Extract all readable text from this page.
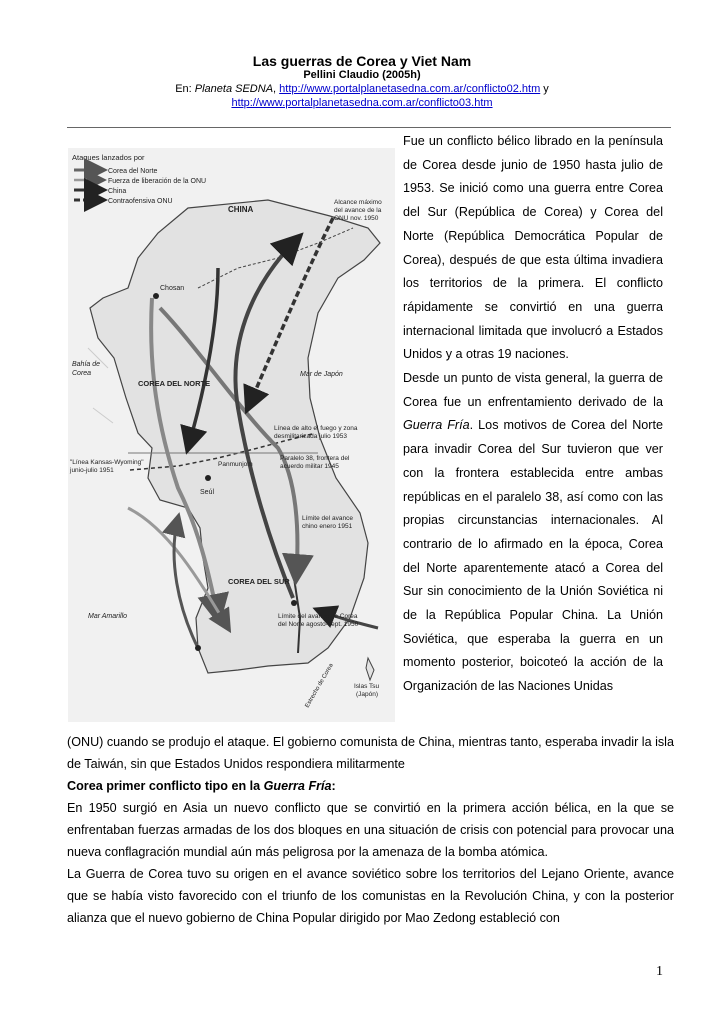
Las guerras de Corea y Viet Nam
Pellini Claudio (2005h)
En: Planeta SEDNA, http://www.portalplanetasedna.com.ar/conflicto02.htm y
http://www.portalplanetasedna.com.ar/conflicto03.htm
Ataques lanzados por
Corea del Norte
Fuerza de liberación de la ONU
China
Contraofensiva ONU
CHINA
Alcance máximo
del avance de la
ONU nov. 1950
Chosan
Mar de Japón
Bahía de
Corea
COREA DEL NORTE
Línea de alto el fuego y zona
desmilitarizada julio 1953
Paralelo 38, frontera del
acuerdo militar 1945
"Línea Kansas-Wyoming"
junio-julio 1951
Panmunjom
Límite del avance
chino enero 1951
Seúl
COREA DEL SUR
Mar Amarillo	Límite del avance de Corea
del Norte agosto-sept. 1950
Estrecho de Corea	Islas Tsu
(Japón)

Fue un conflicto bélico librado en la península de Corea desde junio de 1950 hasta julio de 1953. Se inició como una guerra entre Corea del Sur (República de Corea) y Corea del Norte (República Democrática Popular de Corea), después de que esta última invadiera los territorios de la primera. El conflicto rápidamente se convirtió en una guerra internacional limitada que involucró a Estados Unidos y a otras 19 naciones.

Desde un punto de vista general, la guerra de Corea fue un enfrentamiento derivado de la Guerra Fría. Los motivos de Corea del Norte para invadir Corea del Sur tuvieron que ver con la frontera establecida entre ambas repúblicas en el paralelo 38, así como con las propias circunstancias internacionales. Al contrario de lo afirmado en la época, Corea del Norte aparentemente atacó a Corea del Sur sin conocimiento de la Unión Soviética ni de la República Popular China. La Unión Soviética, que esperaba la guerra en un momento posterior, boicoteó la acción de la Organización de las Naciones Unidas

(ONU) cuando se produjo el ataque. El gobierno comunista de China, mientras tanto, esperaba invadir la isla de Taiwán, sin que Estados Unidos respondiera militarmente

Corea primer conflicto tipo en la Guerra Fría:

En 1950 surgió en Asia un nuevo conflicto que se convirtió en la primera acción bélica, en la que se enfrentaban fuerzas armadas de los dos bloques en una situación de crisis con potencial para provocar una nueva conflagración mundial aún más peligrosa por la amenaza de la bomba atómica.

La Guerra de Corea tuvo su origen en el avance soviético sobre los territorios del Lejano Oriente, avance que se había visto favorecido con el triunfo de los comunistas en la Revolución China, y con la posterior alianza que el nuevo gobierno de China Popular dirigido por Mao Zedong estableció con

1
